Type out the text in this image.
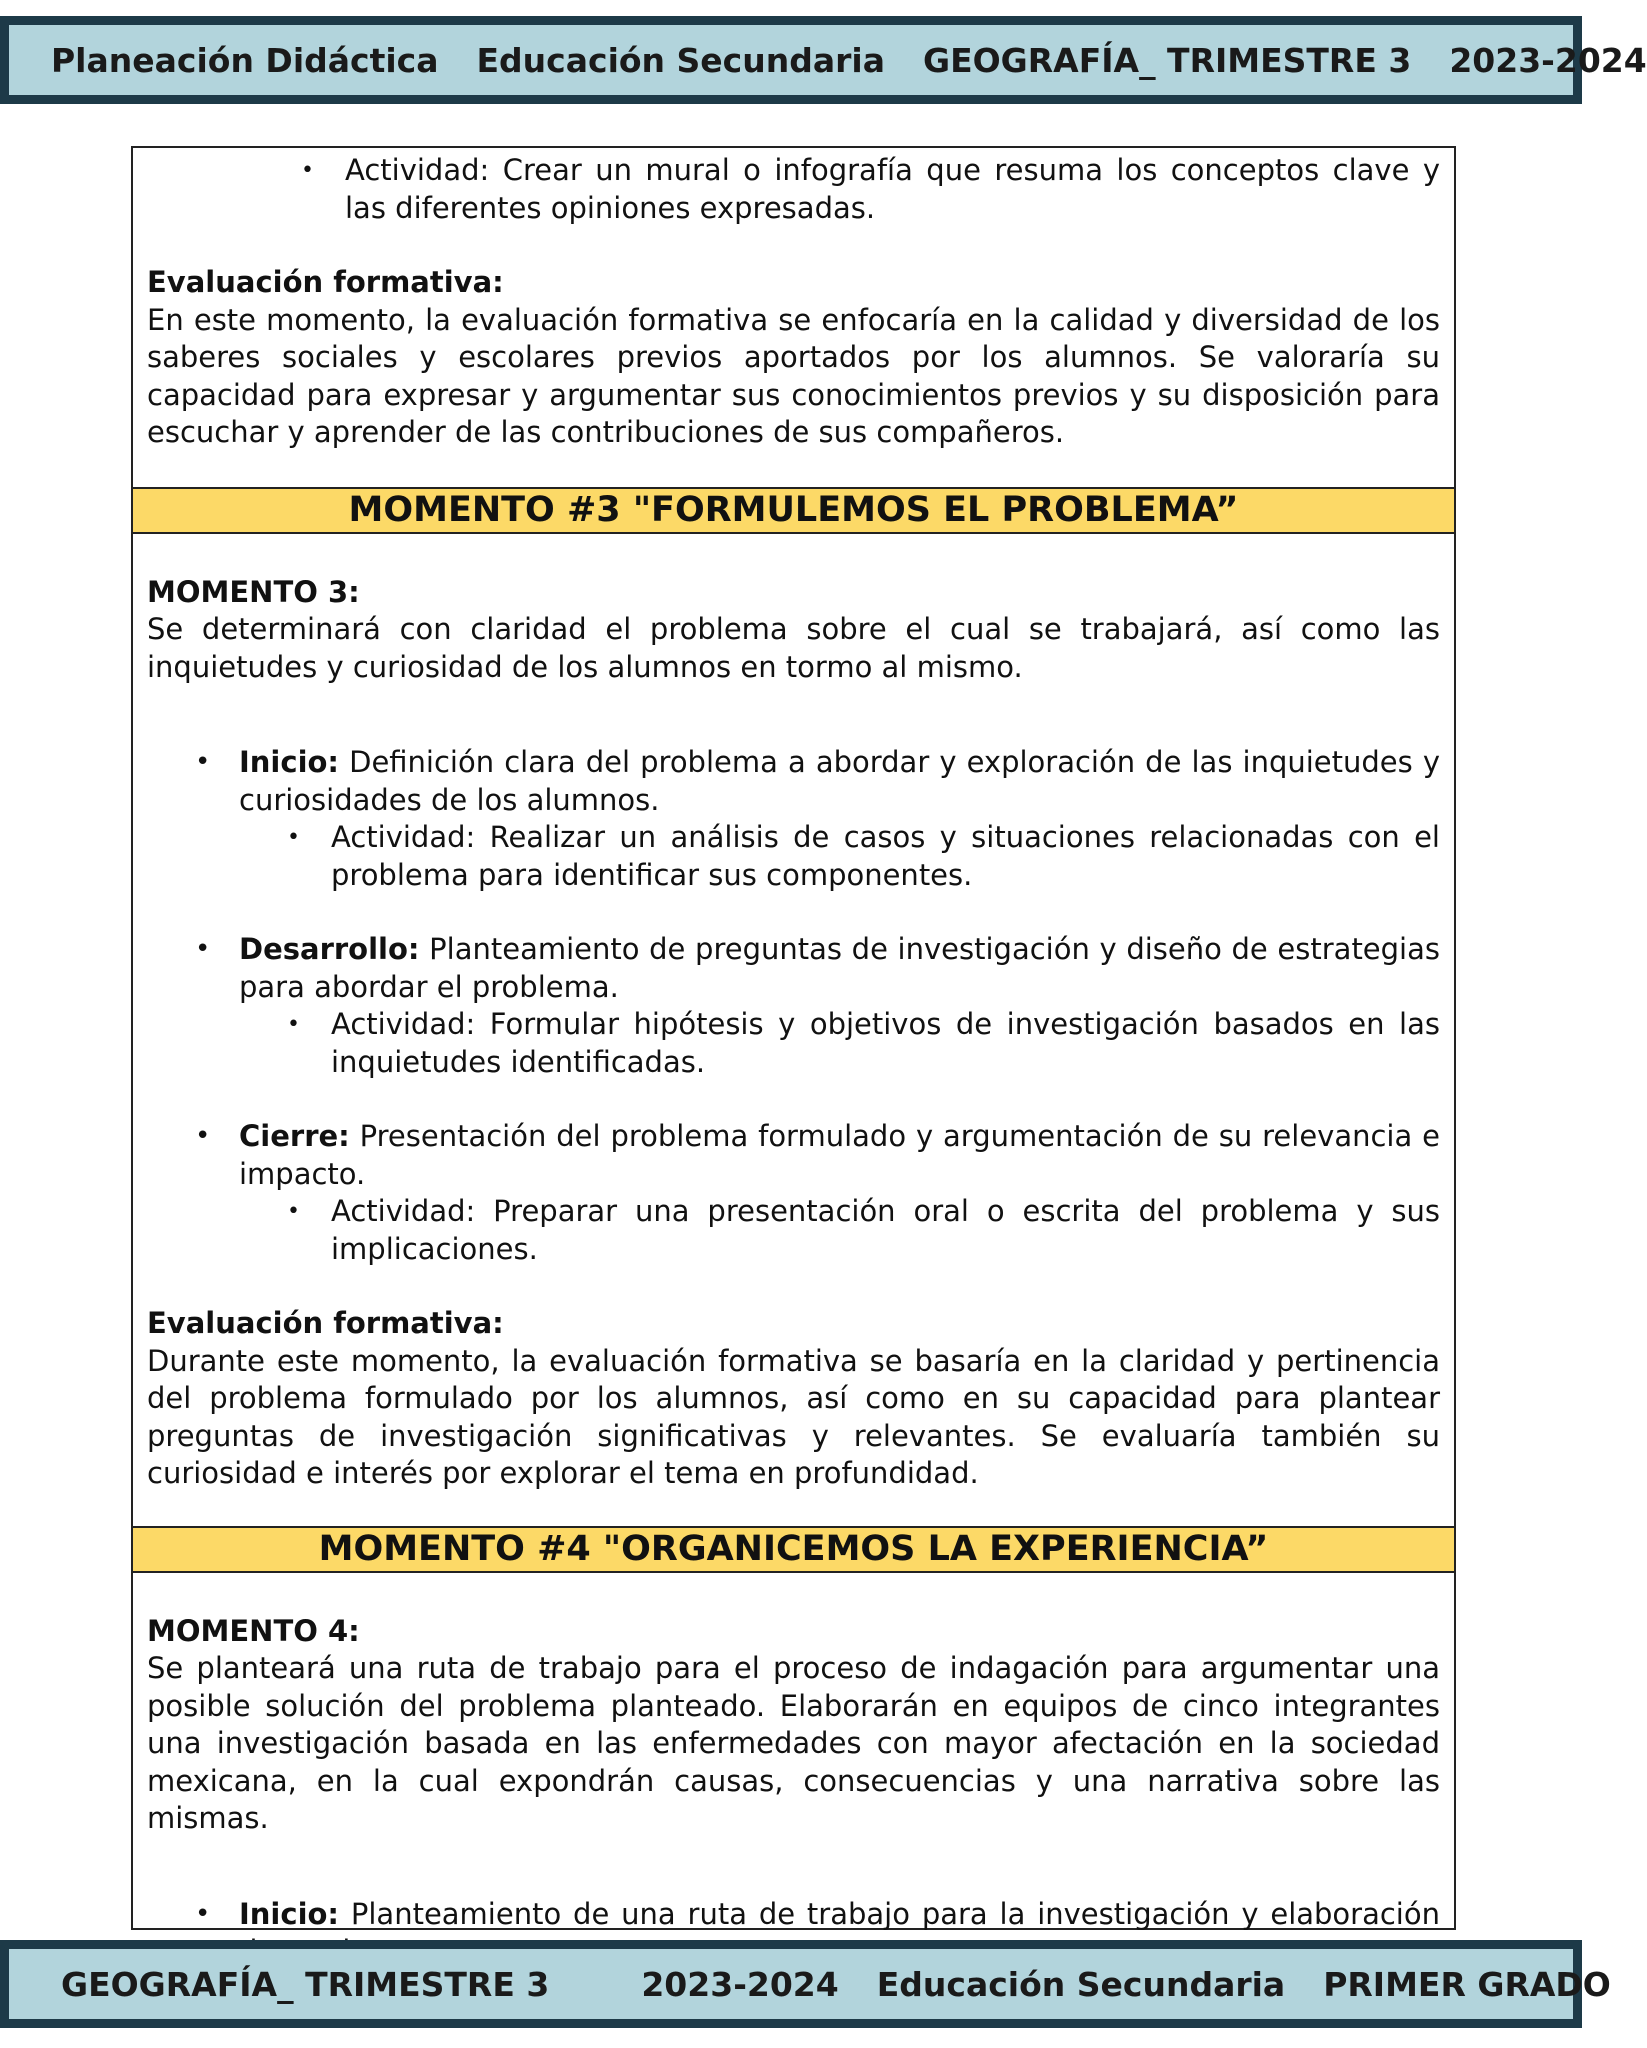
Planeación Didáctica Educación Secundaria GEOGRAFÍA_ TRIMESTRE 3 2023-2024
• Actividad: Crear un mural o infografía que resuma los conceptos clave y las diferentes opiniones expresadas.

Evaluación formativa:

En este momento, la evaluación formativa se enfocaría en la calidad y diversidad de los saberes sociales y escolares previos aportados por los alumnos. Se valoraría su capacidad para expresar y argumentar sus conocimientos previos y su disposición para escuchar y aprender de las contribuciones de sus compañeros.

MOMENTO #3 "FORMULEMOS EL PROBLEMA”

MOMENTO 3:

Se determinará con claridad el problema sobre el cual se trabajará, así como las inquietudes y curiosidad de los alumnos en tormo al mismo.

• Inicio: Definición clara del problema a abordar y exploración de las inquietudes y curiosidades de los alumnos.

• Actividad: Realizar un análisis de casos y situaciones relacionadas con el problema para identificar sus componentes.

• Desarrollo: Planteamiento de preguntas de investigación y diseño de estrategias para abordar el problema.

• Actividad: Formular hipótesis y objetivos de investigación basados en las inquietudes identificadas.

• Cierre: Presentación del problema formulado y argumentación de su relevancia e impacto.

• Actividad: Preparar una presentación oral o escrita del problema y sus implicaciones.

Evaluación formativa:

Durante este momento, la evaluación formativa se basaría en la claridad y pertinencia del problema formulado por los alumnos, así como en su capacidad para plantear preguntas de investigación significativas y relevantes. Se evaluaría también su curiosidad e interés por explorar el tema en profundidad.

MOMENTO #4 "ORGANICEMOS LA EXPERIENCIA”

MOMENTO 4:

Se planteará una ruta de trabajo para el proceso de indagación para argumentar una posible solución del problema planteado. Elaborarán en equipos de cinco integrantes una investigación basada en las enfermedades con mayor afectación en la sociedad mexicana, en la cual expondrán causas, consecuencias y una narrativa sobre las mismas.

• Inicio: Planteamiento de una ruta de trabajo para la investigación y elaboración

GEOGRAFÍA_ TRIMESTRE 3	2023-2024 Educación Secundaria PRIMER GRADO
